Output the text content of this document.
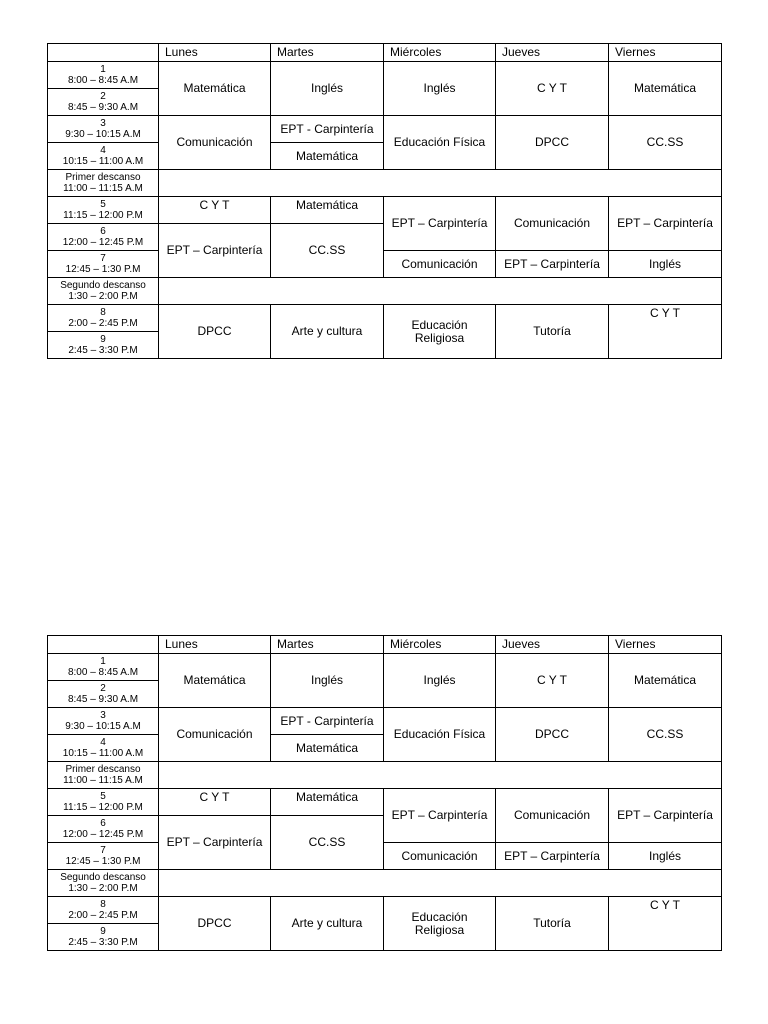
	Lunes	Martes	Miércoles	Jueves	Viernes
1
8:00 – 8:45 A.M	Matemática	Inglés	Inglés	C Y T	Matemática
2
8:45 – 9:30 A.M					
3
9:30 – 10:15 A.M	Comunicación	EPT - Carpintería	Educación Física	DPCC	CC.SS
4
10:15 – 11:00 A.M		Matemática			
Primer descanso
11:00 – 11:15 A.M					
5
11:15 – 12:00 P.M	C Y T	Matemática	EPT – Carpintería	Comunicación	EPT – Carpintería
6
12:00 – 12:45 P.M	EPT – Carpintería	CC.SS			
7
12:45 – 1:30 P.M			Comunicación	EPT – Carpintería	Inglés
Segundo descanso
1:30 – 2:00 P.M					
8
2:00 – 2:45 P.M	DPCC	Arte y cultura	Educación Religiosa	Tutoría	C Y T
9
2:45 – 3:30 P.M					
	Lunes	Martes	Miércoles	Jueves	Viernes
1
8:00 – 8:45 A.M	Matemática	Inglés	Inglés	C Y T	Matemática
2
8:45 – 9:30 A.M					
3
9:30 – 10:15 A.M	Comunicación	EPT - Carpintería	Educación Física	DPCC	CC.SS
4
10:15 – 11:00 A.M		Matemática			
Primer descanso
11:00 – 11:15 A.M					
5
11:15 – 12:00 P.M	C Y T	Matemática	EPT – Carpintería	Comunicación	EPT – Carpintería
6
12:00 – 12:45 P.M	EPT – Carpintería	CC.SS			
7
12:45 – 1:30 P.M			Comunicación	EPT – Carpintería	Inglés
Segundo descanso
1:30 – 2:00 P.M					
8
2:00 – 2:45 P.M	DPCC	Arte y cultura	Educación Religiosa	Tutoría	C Y T
9
2:45 – 3:30 P.M					
